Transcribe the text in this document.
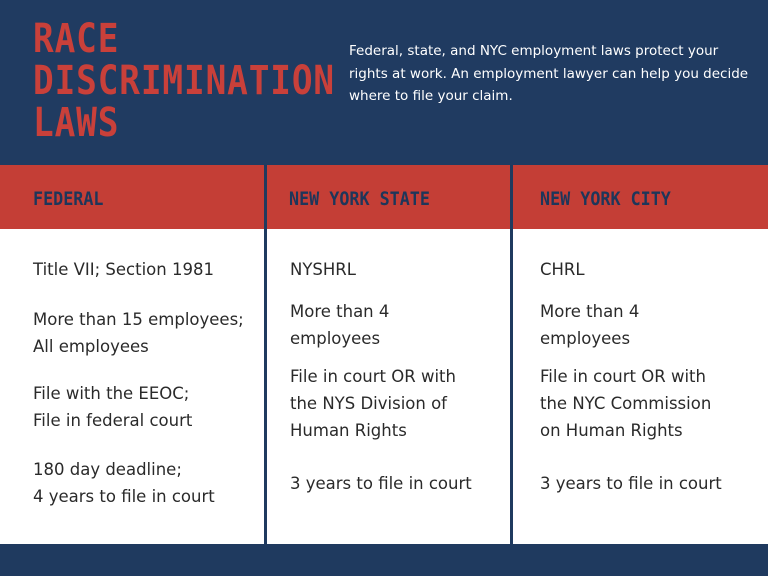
RACE
DISCRIMINATION
LAWS
Federal, state, and NYC employment laws protect your rights at work. An employment lawyer can help you decide where to file your claim.
FEDERAL	NEW YORK STATE	NEW YORK CITY
Title VII; Section 1981
More than 15 employees;
All employees
File with the EEOC;
File in federal court
180 day deadline;
4 years to file in court
NYSHRL
More than 4
employees
File in court OR with
the NYS Division of
Human Rights
3 years to file in court
CHRL
More than 4
employees
File in court OR with
the NYC Commission
on Human Rights
3 years to file in court
